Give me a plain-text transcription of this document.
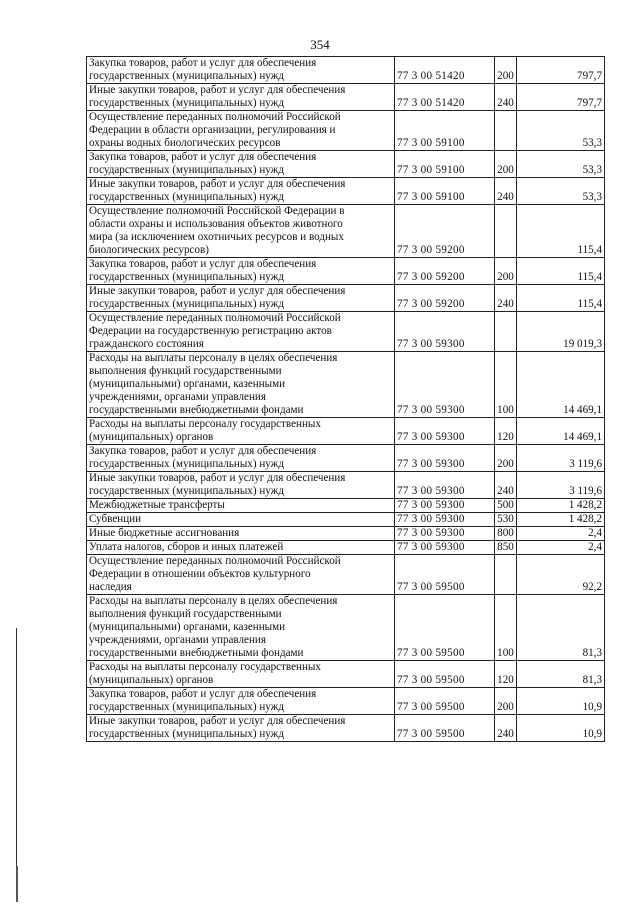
354
Закупка товаров, работ и услуг для обеспечения
государственных (муниципальных) нужд	77 3 00 51420	200	797,7

Иные закупки товаров, работ и услуг для обеспечения
государственных (муниципальных) нужд	77 3 00 51420	240	797,7

Осуществление переданных полномочий Российской
Федерации в области организации, регулирования и
охраны водных биологических ресурсов	77 3 00 59100		53,3

Закупка товаров, работ и услуг для обеспечения
государственных (муниципальных) нужд	77 3 00 59100	200	53,3

Иные закупки товаров, работ и услуг для обеспечения
государственных (муниципальных) нужд	77 3 00 59100	240	53,3

Осуществление полномочий Российской Федерации в
области охраны и использования объектов животного
мира (за исключением охотничьих ресурсов и водных
биологических ресурсов)	77 3 00 59200		115,4

Закупка товаров, работ и услуг для обеспечения
государственных (муниципальных) нужд	77 3 00 59200	200	115,4

Иные закупки товаров, работ и услуг для обеспечения
государственных (муниципальных) нужд	77 3 00 59200	240	115,4

Осуществление переданных полномочий Российской
Федерации на государственную регистрацию актов
гражданского состояния	77 3 00 59300		19 019,3

Расходы на выплаты персоналу в целях обеспечения
выполнения функций государственными
(муниципальными) органами, казенными
учреждениями, органами управления
государственными внебюджетными фондами	77 3 00 59300	100	14 469,1

Расходы на выплаты персоналу государственных
(муниципальных) органов	77 3 00 59300	120	14 469,1

Закупка товаров, работ и услуг для обеспечения
государственных (муниципальных) нужд	77 3 00 59300	200	3 119,6

Иные закупки товаров, работ и услуг для обеспечения
государственных (муниципальных) нужд	77 3 00 59300	240	3 119,6

Межбюджетные трансферты	77 3 00 59300	500	1 428,2

Субвенции	77 3 00 59300	530	1 428,2

Иные бюджетные ассигнования	77 3 00 59300	800	2,4

Уплата налогов, сборов и иных платежей	77 3 00 59300	850	2,4

Осуществление переданных полномочий Российской
Федерации в отношении объектов культурного
наследия	77 3 00 59500		92,2

Расходы на выплаты персоналу в целях обеспечения
выполнения функций государственными
(муниципальными) органами, казенными
учреждениями, органами управления
государственными внебюджетными фондами	77 3 00 59500	100	81,3

Расходы на выплаты персоналу государственных
(муниципальных) органов	77 3 00 59500	120	81,3

Закупка товаров, работ и услуг для обеспечения
государственных (муниципальных) нужд	77 3 00 59500	200	10,9

Иные закупки товаров, работ и услуг для обеспечения
государственных (муниципальных) нужд	77 3 00 59500	240	10,9
